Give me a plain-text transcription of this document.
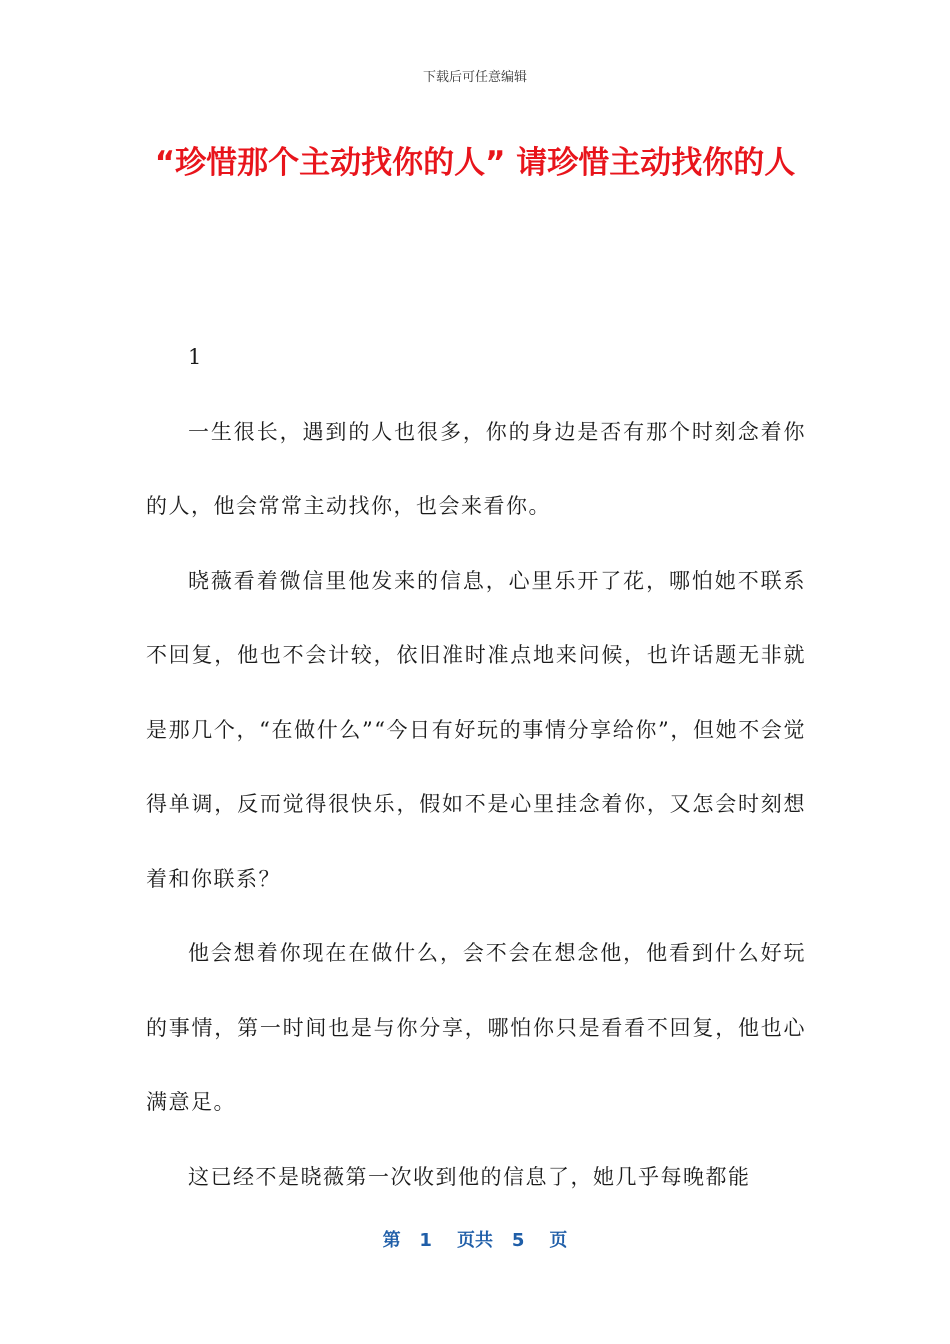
下载后可任意编辑
“珍惜那个主动找你的人” 请珍惜主动找你的人

1

一生很长，遇到的人也很多，你的身边是否有那个时刻念着你的人，他会常常主动找你，也会来看你。

晓薇看着微信里他发来的信息，心里乐开了花，哪怕她不联系不回复，他也不会计较，依旧准时准点地来问候，也许话题无非就是那几个，“在做什么”“今日有好玩的事情分享给你”，但她不会觉得单调，反而觉得很快乐，假如不是心里挂念着你，又怎会时刻想着和你联系？

他会想着你现在在做什么，会不会在想念他，他看到什么好玩的事情，第一时间也是与你分享，哪怕你只是看看不回复，他也心满意足。

这已经不是晓薇第一次收到他的信息了，她几乎每晚都能

第 1 页共 5 页
